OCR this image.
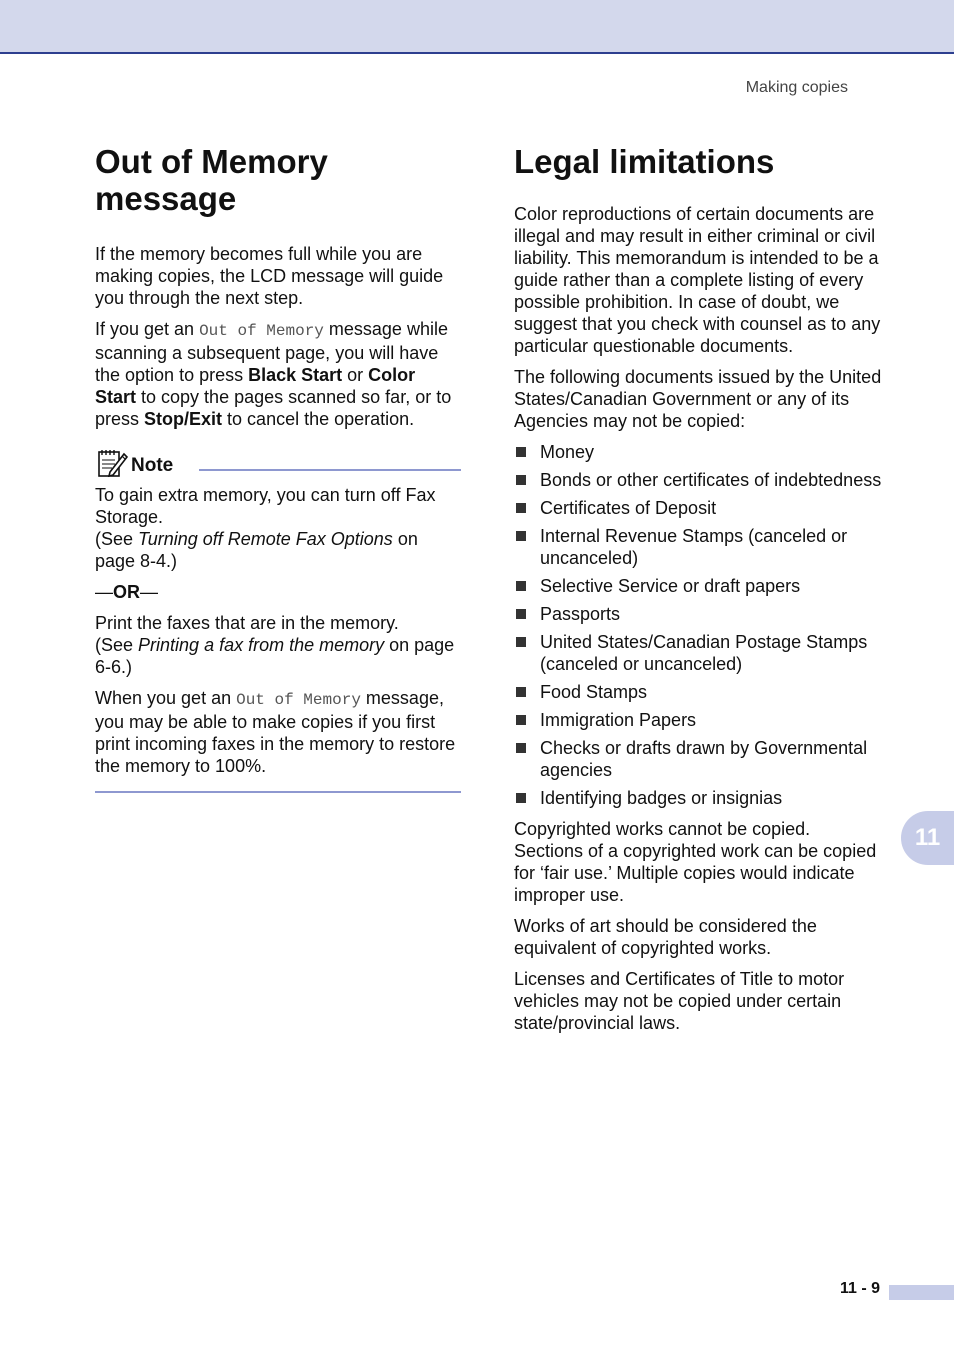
Making copies
Out of Memory message

If the memory becomes full while you are making copies, the LCD message will guide you through the next step.

If you get an Out of Memory message while scanning a subsequent page, you will have the option to press Black Start or Color Start to copy the pages scanned so far, or to press Stop/Exit to cancel the operation.

Note

To gain extra memory, you can turn off Fax Storage.
(See Turning off Remote Fax Options on page 8-4.)

—OR—

Print the faxes that are in the memory.
(See Printing a fax from the memory on page 6-6.)

When you get an Out of Memory message, you may be able to make copies if you first print incoming faxes in the memory to restore the memory to 100%.

Legal limitations

Color reproductions of certain documents are illegal and may result in either criminal or civil liability. This memorandum is intended to be a guide rather than a complete listing of every possible prohibition. In case of doubt, we suggest that you check with counsel as to any particular questionable documents.

The following documents issued by the United States/Canadian Government or any of its Agencies may not be copied:

Money
Bonds or other certificates of indebtedness
Certificates of Deposit
Internal Revenue Stamps (canceled or uncanceled)
Selective Service or draft papers
Passports
United States/Canadian Postage Stamps (canceled or uncanceled)
Food Stamps
Immigration Papers
Checks or drafts drawn by Governmental agencies
Identifying badges or insignias

Copyrighted works cannot be copied. Sections of a copyrighted work can be copied for ‘fair use.’ Multiple copies would indicate improper use.

Works of art should be considered the equivalent of copyrighted works.

Licenses and Certificates of Title to motor vehicles may not be copied under certain state/provincial laws.

11
11 - 9
